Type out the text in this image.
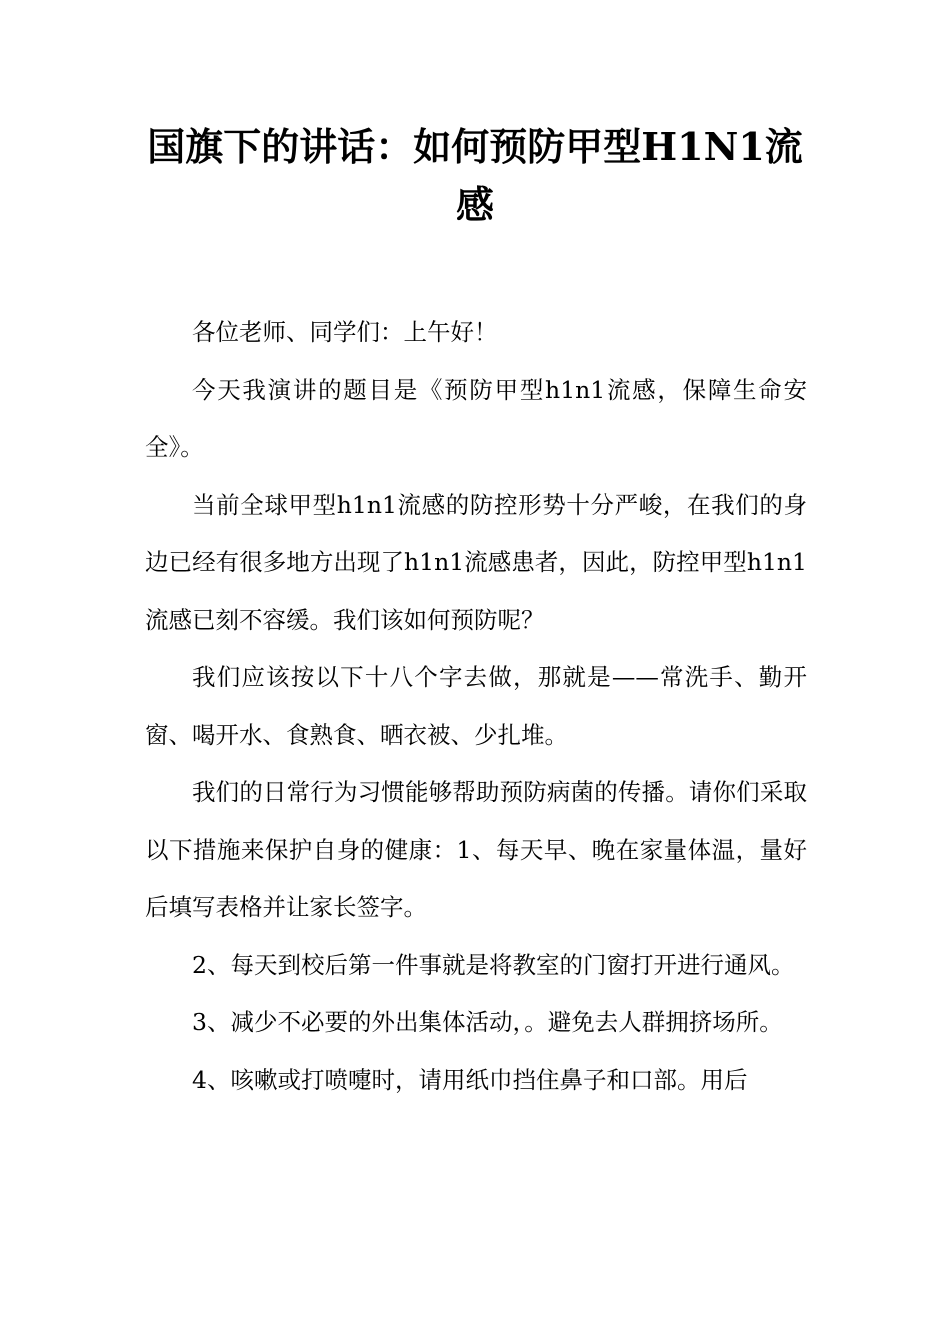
国旗下的讲话：如何预防甲型H1N1流感

各位老师、同学们：上午好！

今天我演讲的题目是《预防甲型h1n1流感，保障生命安全》。

当前全球甲型h1n1流感的防控形势十分严峻，在我们的身边已经有很多地方出现了h1n1流感患者，因此，防控甲型h1n1流感已刻不容缓。我们该如何预防呢？

我们应该按以下十八个字去做，那就是——常洗手、勤开窗、喝开水、食熟食、晒衣被、少扎堆。

我们的日常行为习惯能够帮助预防病菌的传播。请你们采取以下措施来保护自身的健康：1、每天早、晚在家量体温，量好后填写表格并让家长签字。

2、每天到校后第一件事就是将教室的门窗打开进行通风。

3、减少不必要的外出集体活动，。避免去人群拥挤场所。

4、咳嗽或打喷嚏时，请用纸巾挡住鼻子和口部。用后
